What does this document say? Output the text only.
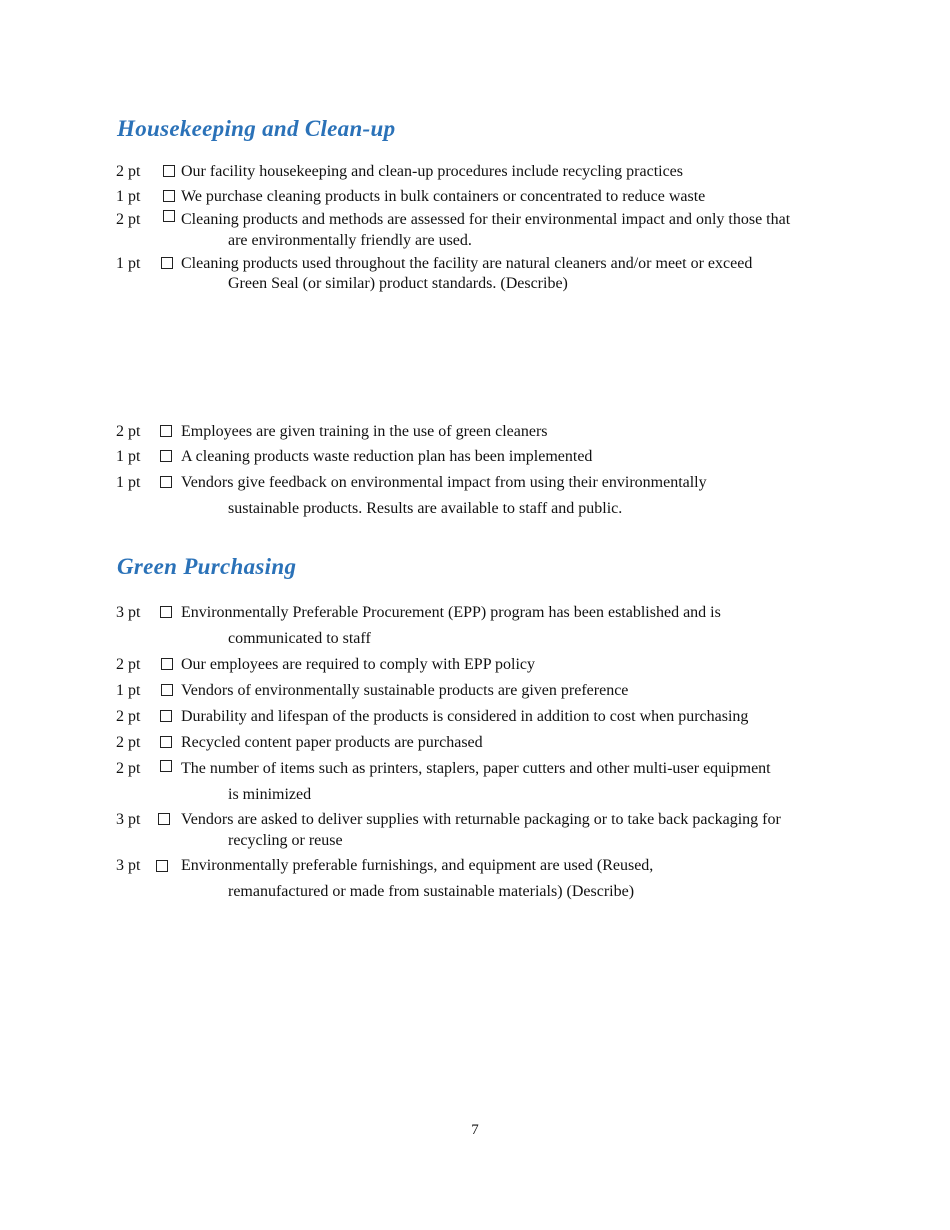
Housekeeping and Clean-up
2 pt	Our facility housekeeping and clean-up procedures include recycling practices
1 pt	We purchase cleaning products in bulk containers or concentrated to reduce waste
2 pt	Cleaning products and methods are assessed for their environmental impact and only those that
are environmentally friendly are used.
1 pt	Cleaning products used throughout the facility are natural cleaners and/or meet or exceed
Green Seal (or similar) product standards. (Describe)
2 pt	Employees are given training in the use of green cleaners
1 pt	A cleaning products waste reduction plan has been implemented
1 pt	Vendors give feedback on environmental impact from using their environmentally
sustainable products. Results are available to staff and public.
Green Purchasing
3 pt	Environmentally Preferable Procurement (EPP) program has been established and is
communicated to staff
2 pt	Our employees are required to comply with EPP policy
1 pt	Vendors of environmentally sustainable products are given preference
2 pt	Durability and lifespan of the products is considered in addition to cost when purchasing
2 pt	Recycled content paper products are purchased
2 pt	The number of items such as printers, staplers, paper cutters and other multi-user equipment
is minimized
3 pt	Vendors are asked to deliver supplies with returnable packaging or to take back packaging for
recycling or reuse
3 pt	Environmentally preferable furnishings, and equipment are used (Reused,
remanufactured or made from sustainable materials) (Describe)
7
